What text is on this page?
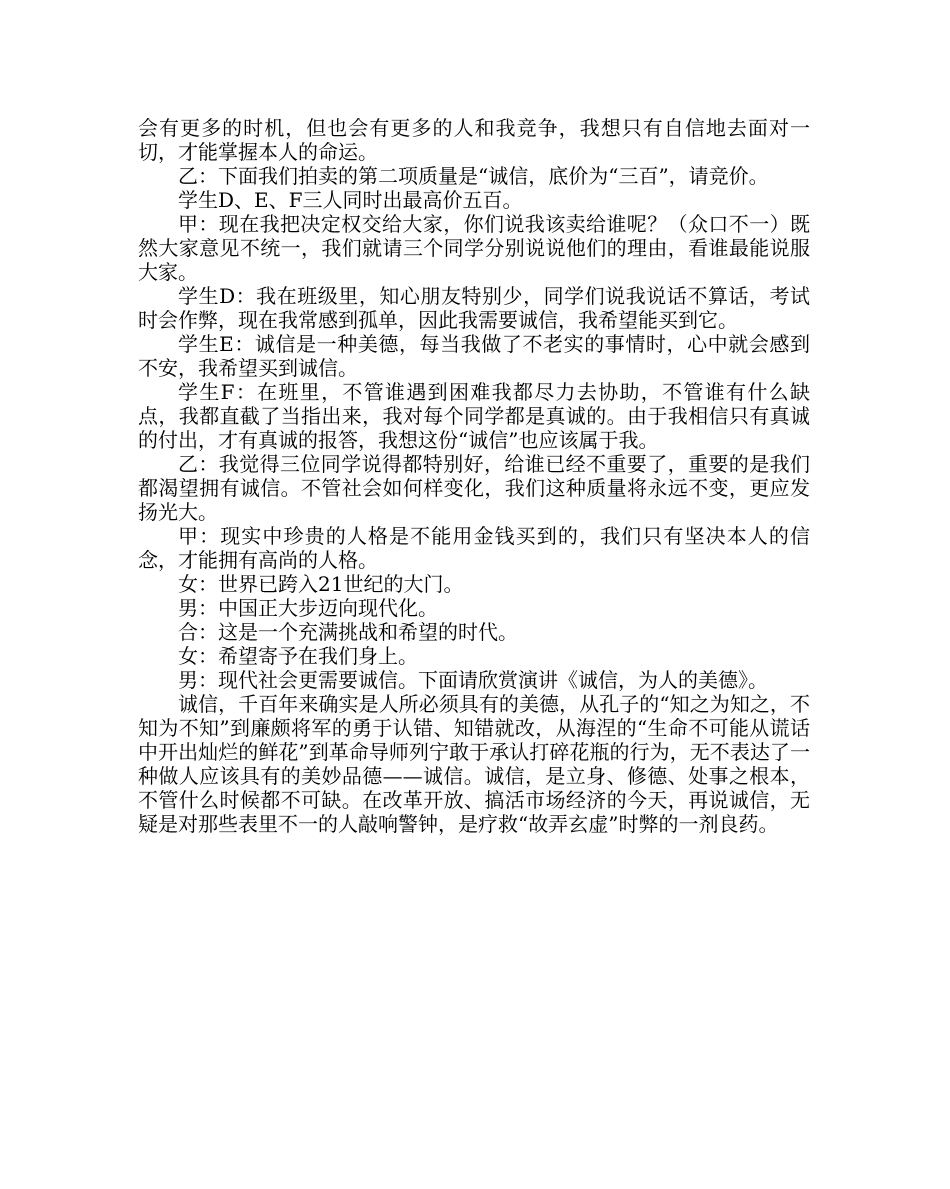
会有更多的时机，但也会有更多的人和我竞争，我想只有自信地去面对一切，才能掌握本人的命运。

乙：下面我们拍卖的第二项质量是“诚信，底价为“三百”，请竞价。

学生D、E、F三人同时出最高价五百。

甲：现在我把决定权交给大家，你们说我该卖给谁呢？（众口不一）既然大家意见不统一，我们就请三个同学分别说说他们的理由，看谁最能说服大家。

学生D：我在班级里，知心朋友特别少，同学们说我说话不算话，考试时会作弊，现在我常感到孤单，因此我需要诚信，我希望能买到它。

学生E：诚信是一种美德，每当我做了不老实的事情时，心中就会感到不安，我希望买到诚信。

学生F：在班里，不管谁遇到困难我都尽力去协助，不管谁有什么缺点，我都直截了当指出来，我对每个同学都是真诚的。由于我相信只有真诚的付出，才有真诚的报答，我想这份“诚信”也应该属于我。

乙：我觉得三位同学说得都特别好，给谁已经不重要了，重要的是我们都渴望拥有诚信。不管社会如何样变化，我们这种质量将永远不变，更应发扬光大。

甲：现实中珍贵的人格是不能用金钱买到的，我们只有坚决本人的信念，才能拥有高尚的人格。

女：世界已跨入21世纪的大门。

男：中国正大步迈向现代化。

合：这是一个充满挑战和希望的时代。

女：希望寄予在我们身上。

男：现代社会更需要诚信。下面请欣赏演讲《诚信，为人的美德》。

诚信，千百年来确实是人所必须具有的美德，从孔子的“知之为知之，不知为不知”到廉颇将军的勇于认错、知错就改，从海涅的“生命不可能从谎话中开出灿烂的鲜花”到革命导师列宁敢于承认打碎花瓶的行为，无不表达了一种做人应该具有的美妙品德——诚信。诚信，是立身、修德、处事之根本，不管什么时候都不可缺。在改革开放、搞活市场经济的今天，再说诚信，无疑是对那些表里不一的人敲响警钟，是疗救“故弄玄虚”时弊的一剂良药。
